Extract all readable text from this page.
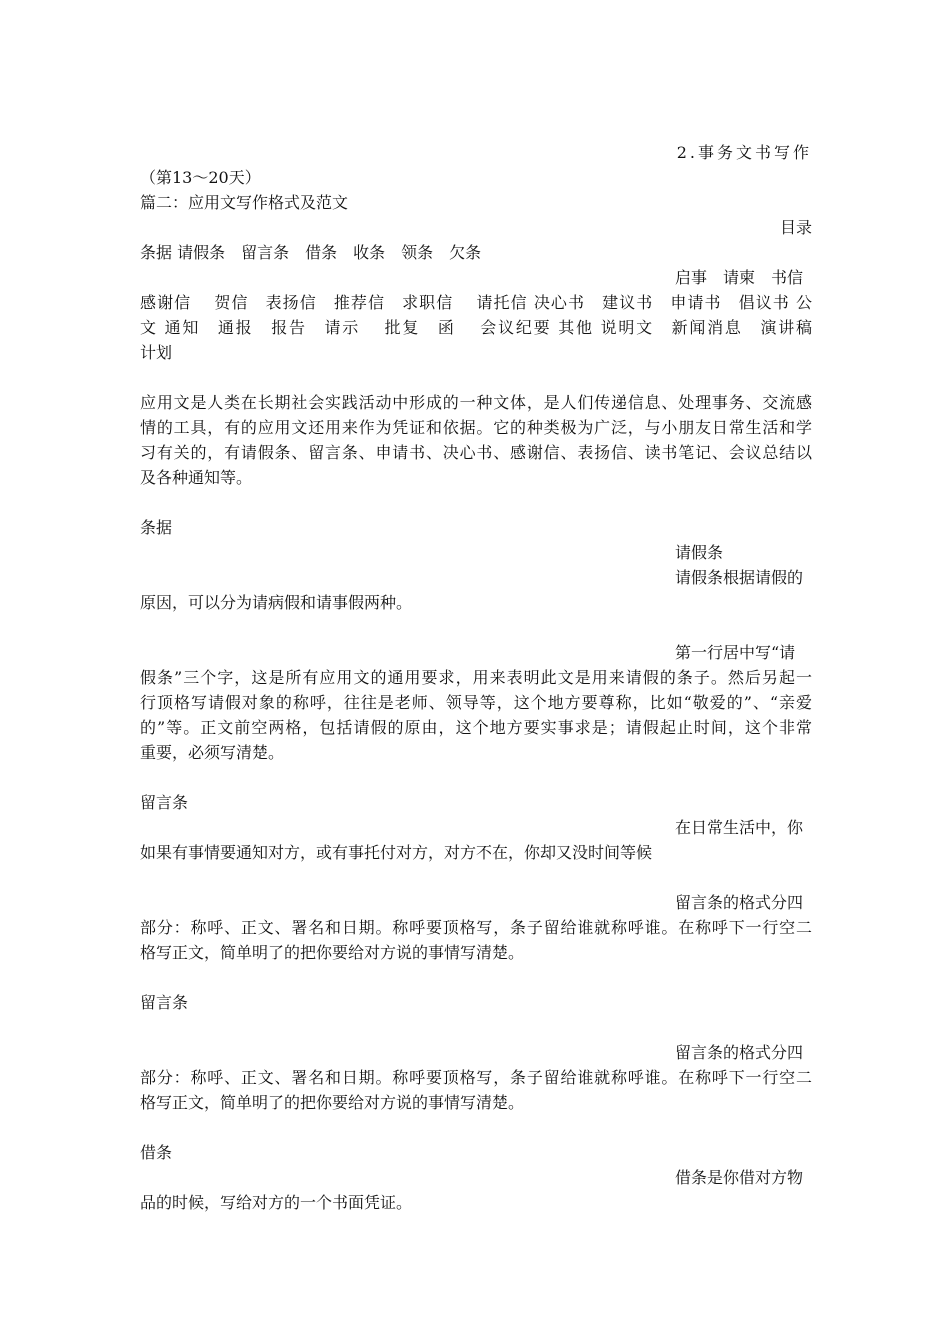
2.事务文书写作
（第13～20天）
篇二：应用文写作格式及范文
目录
条据 请假条　留言条　借条　收条　领条　欠条
启事　请柬　书信
感谢信　 贺信　表扬信　推荐信　求职信　 请托信 决心书　建议书　申请书　倡议书 公
文 通知　通报　报告　请示　 批复　函　 会议纪要 其他 说明文　新闻消息　演讲稿
计划
应用文是人类在长期社会实践活动中形成的一种文体，是人们传递信息、处理事务、交流感
情的工具，有的应用文还用来作为凭证和依据。它的种类极为广泛，与小朋友日常生活和学
习有关的，有请假条、留言条、申请书、决心书、感谢信、表扬信、读书笔记、会议总结以
及各种通知等。
条据
请假条
请假条根据请假的
原因，可以分为请病假和请事假两种。
第一行居中写“请
假条”三个字，这是所有应用文的通用要求，用来表明此文是用来请假的条子。然后另起一
行顶格写请假对象的称呼，往往是老师、领导等，这个地方要尊称，比如“敬爱的”、“亲爱
的”等。正文前空两格，包括请假的原由，这个地方要实事求是；请假起止时间，这个非常
重要，必须写清楚。
留言条
在日常生活中，你
如果有事情要通知对方，或有事托付对方，对方不在，你却又没时间等候
留言条的格式分四
部分：称呼、正文、署名和日期。称呼要顶格写，条子留给谁就称呼谁。在称呼下一行空二
格写正文，简单明了的把你要给对方说的事情写清楚。
留言条
留言条的格式分四
部分：称呼、正文、署名和日期。称呼要顶格写，条子留给谁就称呼谁。在称呼下一行空二
格写正文，简单明了的把你要给对方说的事情写清楚。
借条
借条是你借对方物
品的时候，写给对方的一个书面凭证。
